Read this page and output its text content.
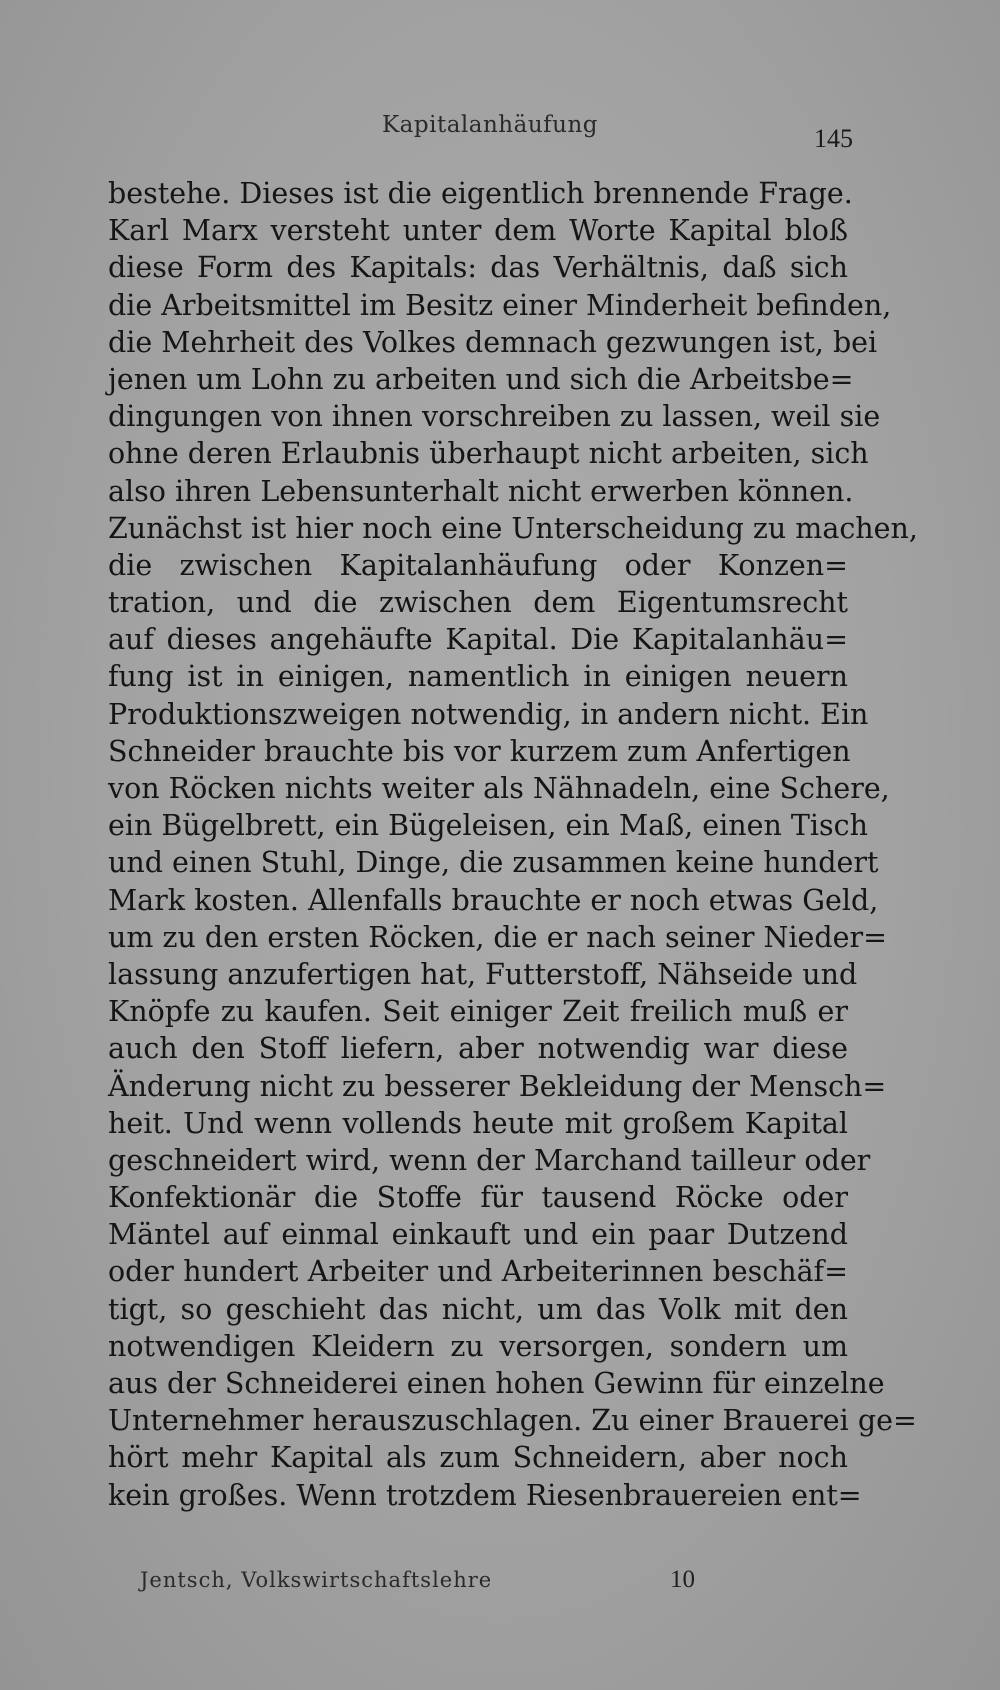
Kapitalanhäufung	145
bestehe. Dieses ist die eigentlich brennende Frage.
Karl Marx versteht unter dem Worte Kapital bloß
diese Form des Kapitals: das Verhältnis, daß sich
die Arbeitsmittel im Besitz einer Minderheit befinden,
die Mehrheit des Volkes demnach gezwungen ist, bei
jenen um Lohn zu arbeiten und sich die Arbeitsbe=
dingungen von ihnen vorschreiben zu lassen, weil sie
ohne deren Erlaubnis überhaupt nicht arbeiten, sich
also ihren Lebensunterhalt nicht erwerben können.
Zunächst ist hier noch eine Unterscheidung zu machen,
die zwischen Kapitalanhäufung oder Konzen=
tration, und die zwischen dem Eigentumsrecht
auf dieses angehäufte Kapital. Die Kapitalanhäu=
fung ist in einigen, namentlich in einigen neuern
Produktionszweigen notwendig, in andern nicht. Ein
Schneider brauchte bis vor kurzem zum Anfertigen
von Röcken nichts weiter als Nähnadeln, eine Schere,
ein Bügelbrett, ein Bügeleisen, ein Maß, einen Tisch
und einen Stuhl, Dinge, die zusammen keine hundert
Mark kosten. Allenfalls brauchte er noch etwas Geld,
um zu den ersten Röcken, die er nach seiner Nieder=
lassung anzufertigen hat, Futterstoff, Nähseide und
Knöpfe zu kaufen. Seit einiger Zeit freilich muß er
auch den Stoff liefern, aber notwendig war diese
Änderung nicht zu besserer Bekleidung der Mensch=
heit. Und wenn vollends heute mit großem Kapital
geschneidert wird, wenn der Marchand tailleur oder
Konfektionär die Stoffe für tausend Röcke oder
Mäntel auf einmal einkauft und ein paar Dutzend
oder hundert Arbeiter und Arbeiterinnen beschäf=
tigt, so geschieht das nicht, um das Volk mit den
notwendigen Kleidern zu versorgen, sondern um
aus der Schneiderei einen hohen Gewinn für einzelne
Unternehmer herauszuschlagen. Zu einer Brauerei ge=
hört mehr Kapital als zum Schneidern, aber noch
kein großes. Wenn trotzdem Riesenbrauereien ent=
Jentsch, Volkswirtschaftslehre	10
